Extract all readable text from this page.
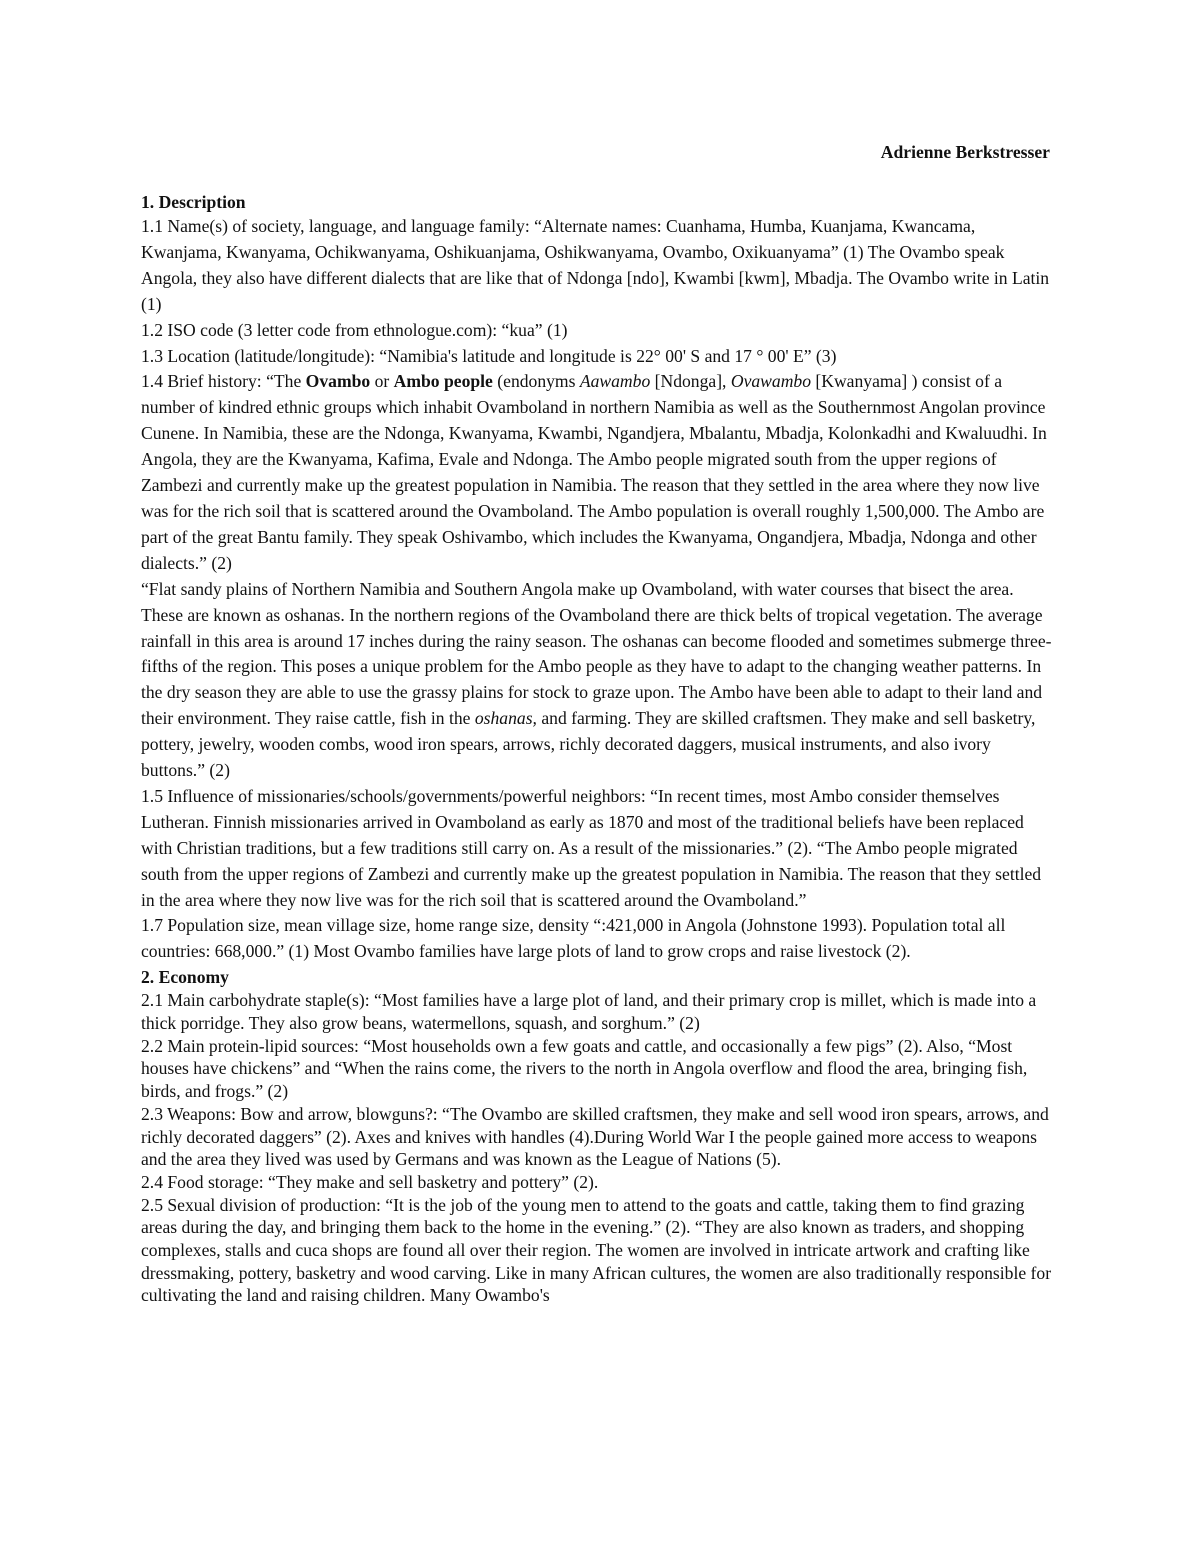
Adrienne Berkstresser
1. Description

1.1 Name(s) of society, language, and language family: “Alternate names: Cuanhama, Humba, Kuanjama, Kwancama, Kwanjama, Kwanyama, Ochikwanyama, Oshikuanjama, Oshikwanyama, Ovambo, Oxikuanyama” (1) The Ovambo speak Angola, they also have different dialects that are like that of Ndonga [ndo], Kwambi [kwm], Mbadja. The Ovambo write in Latin (1)

1.2 ISO code (3 letter code from ethnologue.com): “kua” (1)

1.3 Location (latitude/longitude): “Namibia's latitude and longitude is 22° 00' S and 17 ° 00' E” (3)

1.4 Brief history: “The Ovambo or Ambo people (endonyms Aawambo [Ndonga], Ovawambo [Kwanyama] ) consist of a number of kindred ethnic groups which inhabit Ovamboland in northern Namibia as well as the Southernmost Angolan province Cunene. In Namibia, these are the Ndonga, Kwanyama, Kwambi, Ngandjera, Mbalantu, Mbadja, Kolonkadhi and Kwaluudhi. In Angola, they are the Kwanyama, Kafima, Evale and Ndonga. The Ambo people migrated south from the upper regions of Zambezi and currently make up the greatest population in Namibia. The reason that they settled in the area where they now live was for the rich soil that is scattered around the Ovamboland. The Ambo population is overall roughly 1,500,000. The Ambo are part of the great Bantu family. They speak Oshivambo, which includes the Kwanyama, Ongandjera, Mbadja, Ndonga and other dialects.” (2)

“Flat sandy plains of Northern Namibia and Southern Angola make up Ovamboland, with water courses that bisect the area. These are known as oshanas. In the northern regions of the Ovamboland there are thick belts of tropical vegetation. The average rainfall in this area is around 17 inches during the rainy season. The oshanas can become flooded and sometimes submerge three-fifths of the region. This poses a unique problem for the Ambo people as they have to adapt to the changing weather patterns. In the dry season they are able to use the grassy plains for stock to graze upon. The Ambo have been able to adapt to their land and their environment. They raise cattle, fish in the oshanas, and farming. They are skilled craftsmen. They make and sell basketry, pottery, jewelry, wooden combs, wood iron spears, arrows, richly decorated daggers, musical instruments, and also ivory buttons.” (2)

1.5 Influence of missionaries/schools/governments/powerful neighbors: “In recent times, most Ambo consider themselves Lutheran. Finnish missionaries arrived in Ovamboland as early as 1870 and most of the traditional beliefs have been replaced with Christian traditions, but a few traditions still carry on. As a result of the missionaries.” (2). “The Ambo people migrated south from the upper regions of Zambezi and currently make up the greatest population in Namibia. The reason that they settled in the area where they now live was for the rich soil that is scattered around the Ovamboland.”

1.7 Population size, mean village size, home range size, density “:421,000 in Angola (Johnstone 1993). Population total all countries: 668,000.” (1) Most Ovambo families have large plots of land to grow crops and raise livestock (2).

2. Economy

2.1 Main carbohydrate staple(s): “Most families have a large plot of land, and their primary crop is millet, which is made into a thick porridge. They also grow beans, watermellons, squash, and sorghum.” (2)

2.2 Main protein-lipid sources: “Most households own a few goats and cattle, and occasionally a few pigs” (2). Also, “Most houses have chickens” and “When the rains come, the rivers to the north in Angola overflow and flood the area, bringing fish, birds, and frogs.” (2)

2.3 Weapons: Bow and arrow, blowguns?: “The Ovambo are skilled craftsmen, they make and sell wood iron spears, arrows, and richly decorated daggers” (2). Axes and knives with handles (4).During World War I the people gained more access to weapons and the area they lived was used by Germans and was known as the League of Nations (5).

2.4 Food storage: “They make and sell basketry and pottery” (2).

2.5 Sexual division of production: “It is the job of the young men to attend to the goats and cattle, taking them to find grazing areas during the day, and bringing them back to the home in the evening.” (2). “They are also known as traders, and shopping complexes, stalls and cuca shops are found all over their region. The women are involved in intricate artwork and crafting like dressmaking, pottery, basketry and wood carving. Like in many African cultures, the women are also traditionally responsible for cultivating the land and raising children. Many Owambo's
